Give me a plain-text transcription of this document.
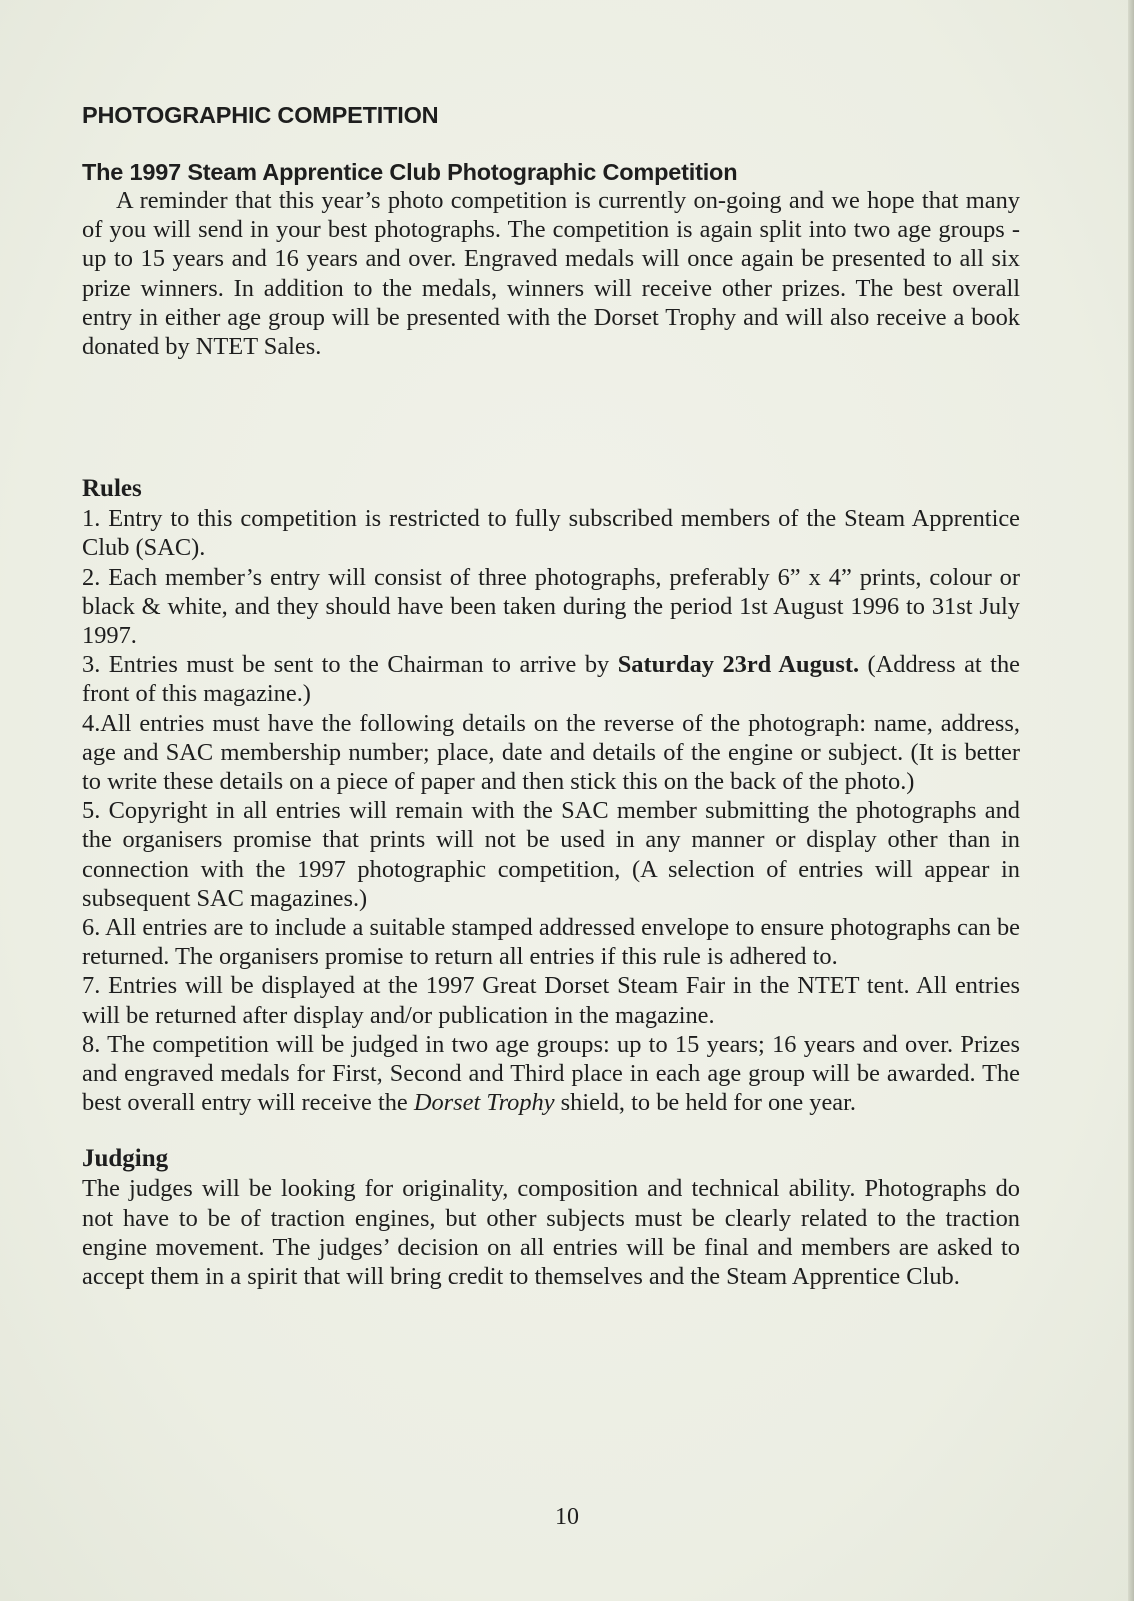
PHOTOGRAPHIC COMPETITION
The 1997 Steam Apprentice Club Photographic Competition

A reminder that this year’s photo competition is currently on-going and we hope that many of you will send in your best photographs. The competition is again split into two age groups - up to 15 years and 16 years and over. Engraved medals will once again be presented to all six prize winners. In addition to the medals, winners will receive other prizes. The best overall entry in either age group will be presented with the Dorset Trophy and will also receive a book donated by NTET Sales.

Rules

1. Entry to this competition is restricted to fully subscribed members of the Steam Apprentice Club (SAC).

2. Each member’s entry will consist of three photographs, preferably 6” x 4” prints, colour or black & white, and they should have been taken during the period 1st August 1996 to 31st July 1997.

3. Entries must be sent to the Chairman to arrive by Saturday 23rd August. (Address at the front of this magazine.)

4.All entries must have the following details on the reverse of the photograph: name, address, age and SAC membership number; place, date and details of the engine or subject. (It is better to write these details on a piece of paper and then stick this on the back of the photo.)

5. Copyright in all entries will remain with the SAC member submitting the photographs and the organisers promise that prints will not be used in any manner or display other than in connection with the 1997 photographic competition, (A selection of entries will appear in subsequent SAC magazines.)

6. All entries are to include a suitable stamped addressed envelope to ensure photographs can be returned. The organisers promise to return all entries if this rule is adhered to.

7. Entries will be displayed at the 1997 Great Dorset Steam Fair in the NTET tent. All entries will be returned after display and/or publication in the magazine.

8. The competition will be judged in two age groups: up to 15 years; 16 years and over. Prizes and engraved medals for First, Second and Third place in each age group will be awarded. The best overall entry will receive the Dorset Trophy shield, to be held for one year.

Judging

The judges will be looking for originality, composition and technical ability. Photographs do not have to be of traction engines, but other subjects must be clearly related to the traction engine movement. The judges’ decision on all entries will be final and members are asked to accept them in a spirit that will bring credit to themselves and the Steam Apprentice Club.

10
